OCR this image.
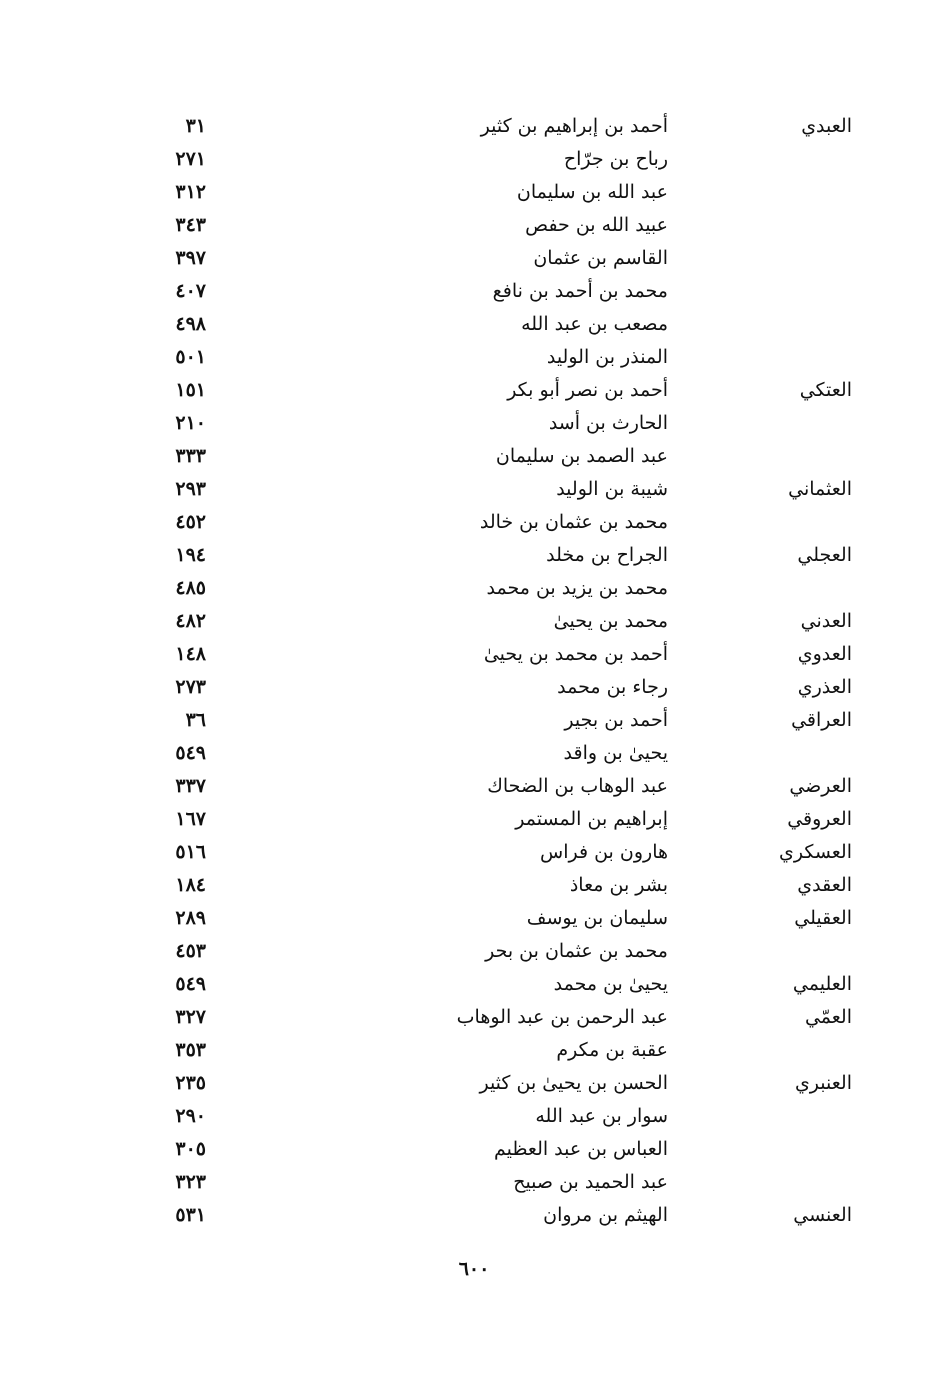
العبدي
أحمد بن إبراهيم بن كثير
٣١
رباح بن جرّاح
٢٧١
عبد الله بن سليمان
٣١٢
عبيد الله بن حفص
٣٤٣
القاسم بن عثمان
٣٩٧
محمد بن أحمد بن نافع
٤٠٧
مصعب بن عبد الله
٤٩٨
المنذر بن الوليد
٥٠١
العتكي
أحمد بن نصر أبو بكر
١٥١
الحارث بن أسد
٢١٠
عبد الصمد بن سليمان
٣٣٣
العثماني
شيبة بن الوليد
٢٩٣
محمد بن عثمان بن خالد
٤٥٢
العجلي
الجراح بن مخلد
١٩٤
محمد بن يزيد بن محمد
٤٨٥
العدني
محمد بن يحيىٰ
٤٨٢
العدوي
أحمد بن محمد بن يحيىٰ
١٤٨
العذري
رجاء بن محمد
٢٧٣
العراقي
أحمد بن بجير
٣٦
يحيىٰ بن واقد
٥٤٩
العرضي
عبد الوهاب بن الضحاك
٣٣٧
العروقي
إبراهيم بن المستمر
١٦٧
العسكري
هارون بن فراس
٥١٦
العقدي
بشر بن معاذ
١٨٤
العقيلي
سليمان بن يوسف
٢٨٩
محمد بن عثمان بن بحر
٤٥٣
العليمي
يحيىٰ بن محمد
٥٤٩
العمّي
عبد الرحمن بن عبد الوهاب
٣٢٧
عقبة بن مكرم
٣٥٣
العنبري
الحسن بن يحيىٰ بن كثير
٢٣٥
سوار بن عبد الله
٢٩٠
العباس بن عبد العظيم
٣٠٥
عبد الحميد بن صبيح
٣٢٣
العنسي
الهيثم بن مروان
٥٣١
٦٠٠
